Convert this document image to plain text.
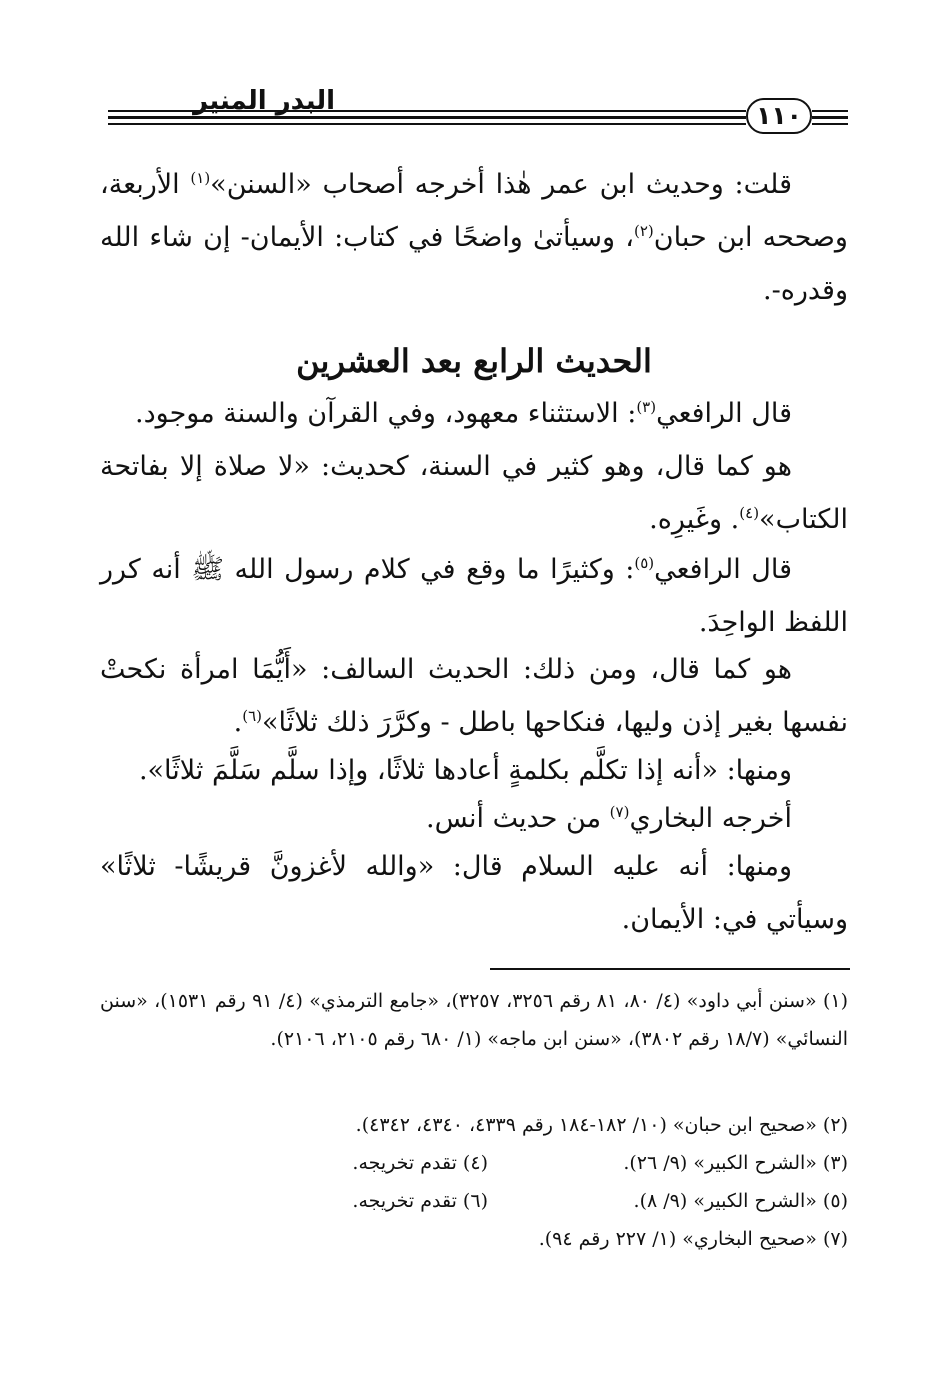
البدر المنير	١١٠
قلت: وحديث ابن عمر هٰذا أخرجه أصحاب «السنن»$^{(١)}$ الأربعة، وصححه ابن حبان$^{(٢)}$، وسيأتىٰ واضحًا في كتاب: الأيمان- إن شاء الله وقدره-.
الحديث الرابع بعد العشرين
قال الرافعي$^{(٣)}$: الاستثناء معهود، وفي القرآن والسنة موجود.
هو كما قال، وهو كثير في السنة، كحديث: «لا صلاة إلا بفاتحة الكتاب»$^{(٤)}$. وغَيرِه.
قال الرافعي$^{(٥)}$: وكثيرًا ما وقع في كلام رسول الله ﷺ أنه كرر اللفظ الواحِدَ.
هو كما قال، ومن ذلك: الحديث السالف: «أَيُّمَا امرأة نكحتْ نفسها بغير إذن وليها، فنكاحها باطل - وكرَّرَ ذلك ثلاثًا»$^{(٦)}$.
ومنها: «أنه إذا تكلَّم بكلمةٍ أعادها ثلاثًا، وإذا سلَّم سَلَّمَ ثلاثًا».
أخرجه البخاري$^{(٧)}$ من حديث أنس.
ومنها: أنه عليه السلام قال: «والله لأغزونَّ قريشًا- ثلاثًا» وسيأتي في: الأيمان.
(١) «سنن أبي داود» (٤/ ٨٠، ٨١ رقم ٣٢٥٦، ٣٢٥٧)، «جامع الترمذي» (٤/ ٩١ رقم ١٥٣١)، «سنن النسائي» (١٨/٧ رقم ٣٨٠٢)، «سنن ابن ماجه» (١/ ٦٨٠ رقم ٢١٠٥، ٢١٠٦).
(٢) «صحيح ابن حبان» (١٠/ ١٨٢-١٨٤ رقم ٤٣٣٩، ٤٣٤٠، ٤٣٤٢).
(٣) «الشرح الكبير» (٩/ ٢٦).(٤) تقدم تخريجه.
(٥) «الشرح الكبير» (٩/ ٨).(٦) تقدم تخريجه.
(٧) «صحيح البخاري» (١/ ٢٢٧ رقم ٩٤).
